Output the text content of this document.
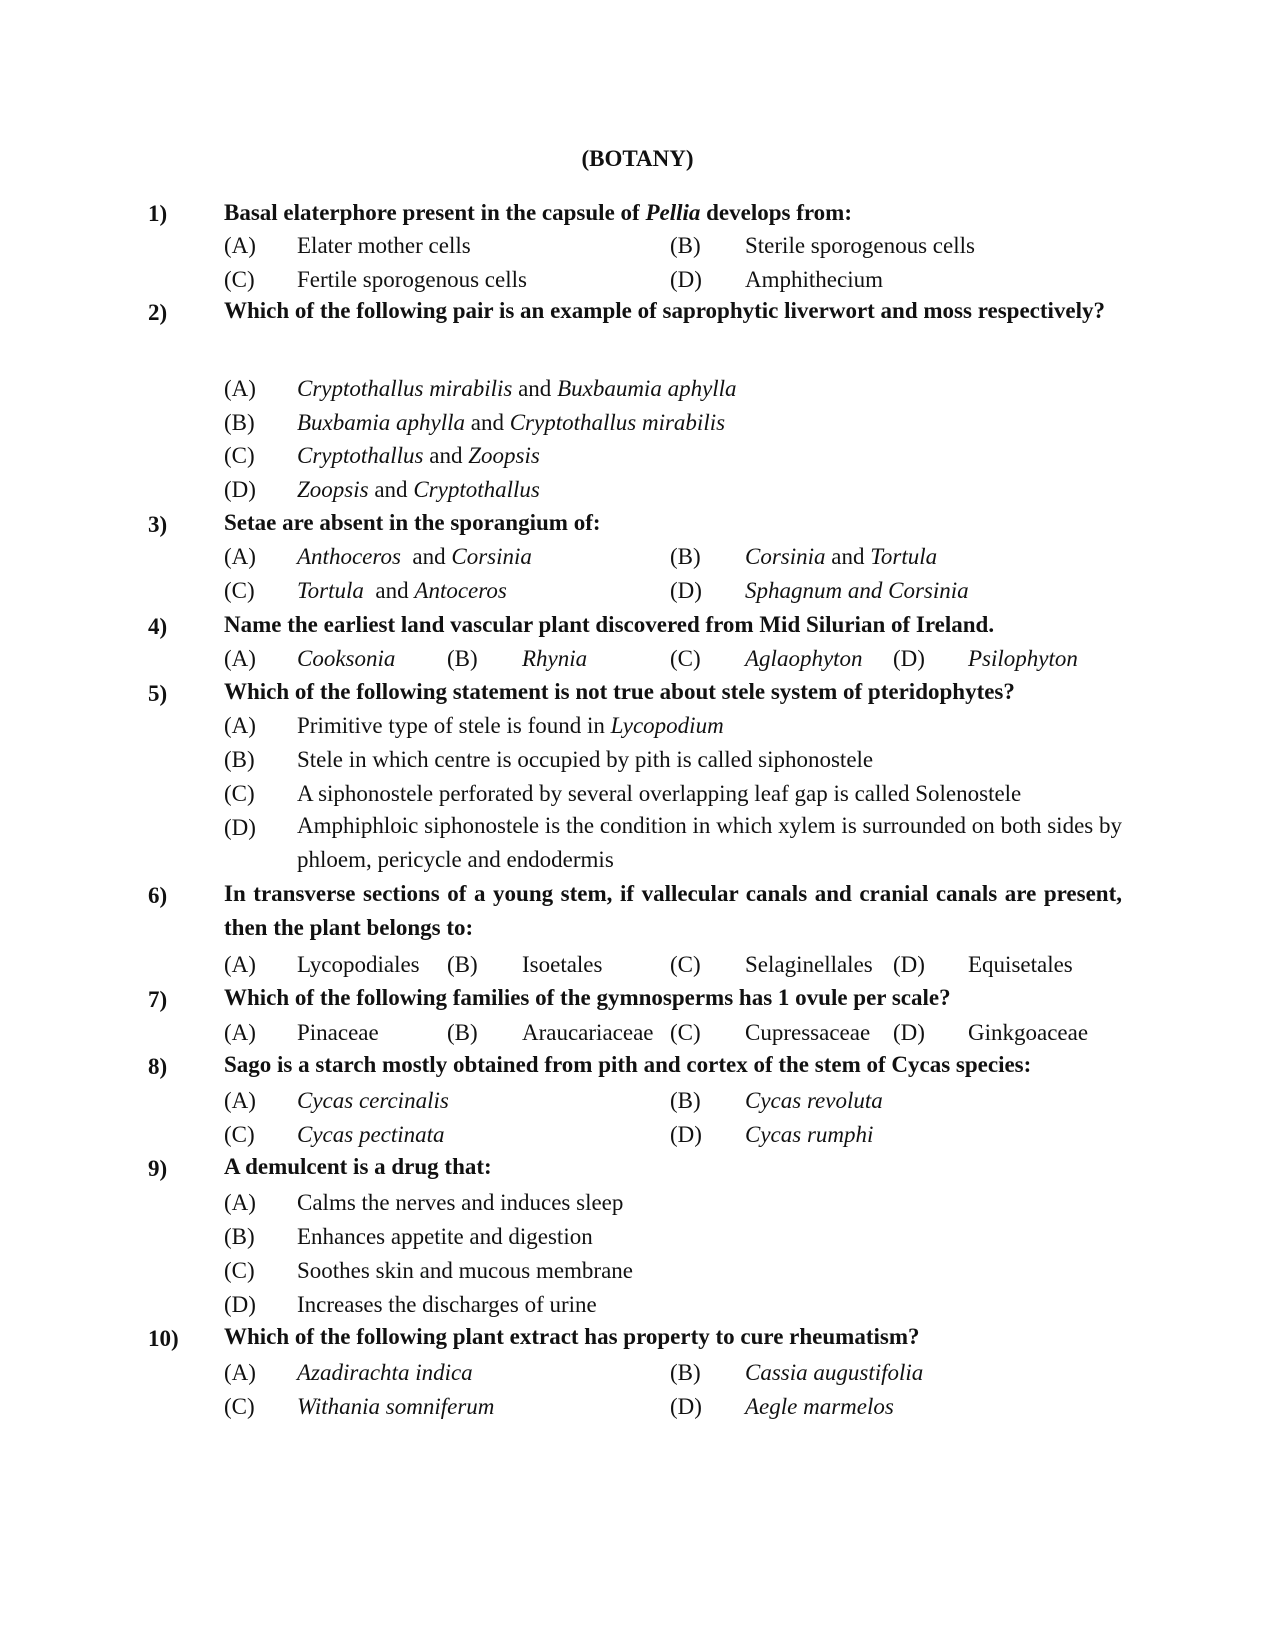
(BOTANY)
1) Basal elaterphore present in the capsule of Pellia develops from:
(A) Elater mother cells	(B) Sterile sporogenous cells
(C) Fertile sporogenous cells	(D) Amphithecium
2) Which of the following pair is an example of saprophytic liverwort and moss respectively?
(A) Cryptothallus mirabilis and Buxbaumia aphylla
(B) Buxbamia aphylla and Cryptothallus mirabilis
(C) Cryptothallus and Zoopsis
(D) Zoopsis and Cryptothallus
3) Setae are absent in the sporangium of:
(A) Anthoceros  and Corsinia	(B) Corsinia and Tortula
(C) Tortula  and Antoceros	(D) Sphagnum and Corsinia
4) Name the earliest land vascular plant discovered from Mid Silurian of Ireland.
(A) Cooksonia (B) Rhynia	(C) Aglaophyton (D) Psilophyton
5) Which of the following statement is not true about stele system of pteridophytes?
(A) Primitive type of stele is found in Lycopodium
(B) Stele in which centre is occupied by pith is called siphonostele
(C) A siphonostele perforated by several overlapping leaf gap is called Solenostele
(D) Amphiphloic siphonostele is the condition in which xylem is surrounded on both sides by phloem, pericycle and endodermis
6) In transverse sections of a young stem, if vallecular canals and cranial canals are present, then the plant belongs to:
(A) Lycopodiales (B) Isoetales	(C) Selaginellales (D) Equisetales
7) Which of the following families of the gymnosperms has 1 ovule per scale?
(A) Pinaceae	(B) Araucariaceae (C) Cupressaceae (D) Ginkgoaceae
8) Sago is a starch mostly obtained from pith and cortex of the stem of Cycas species:
(A) Cycas cercinalis	(B) Cycas revoluta
(C) Cycas pectinata	(D) Cycas rumphi
9) A demulcent is a drug that:
(A) Calms the nerves and induces sleep
(B) Enhances appetite and digestion
(C) Soothes skin and mucous membrane
(D) Increases the discharges of urine
10) Which of the following plant extract has property to cure rheumatism?
(A) Azadirachta indica	(B) Cassia augustifolia
(C) Withania somniferum	(D) Aegle marmelos
